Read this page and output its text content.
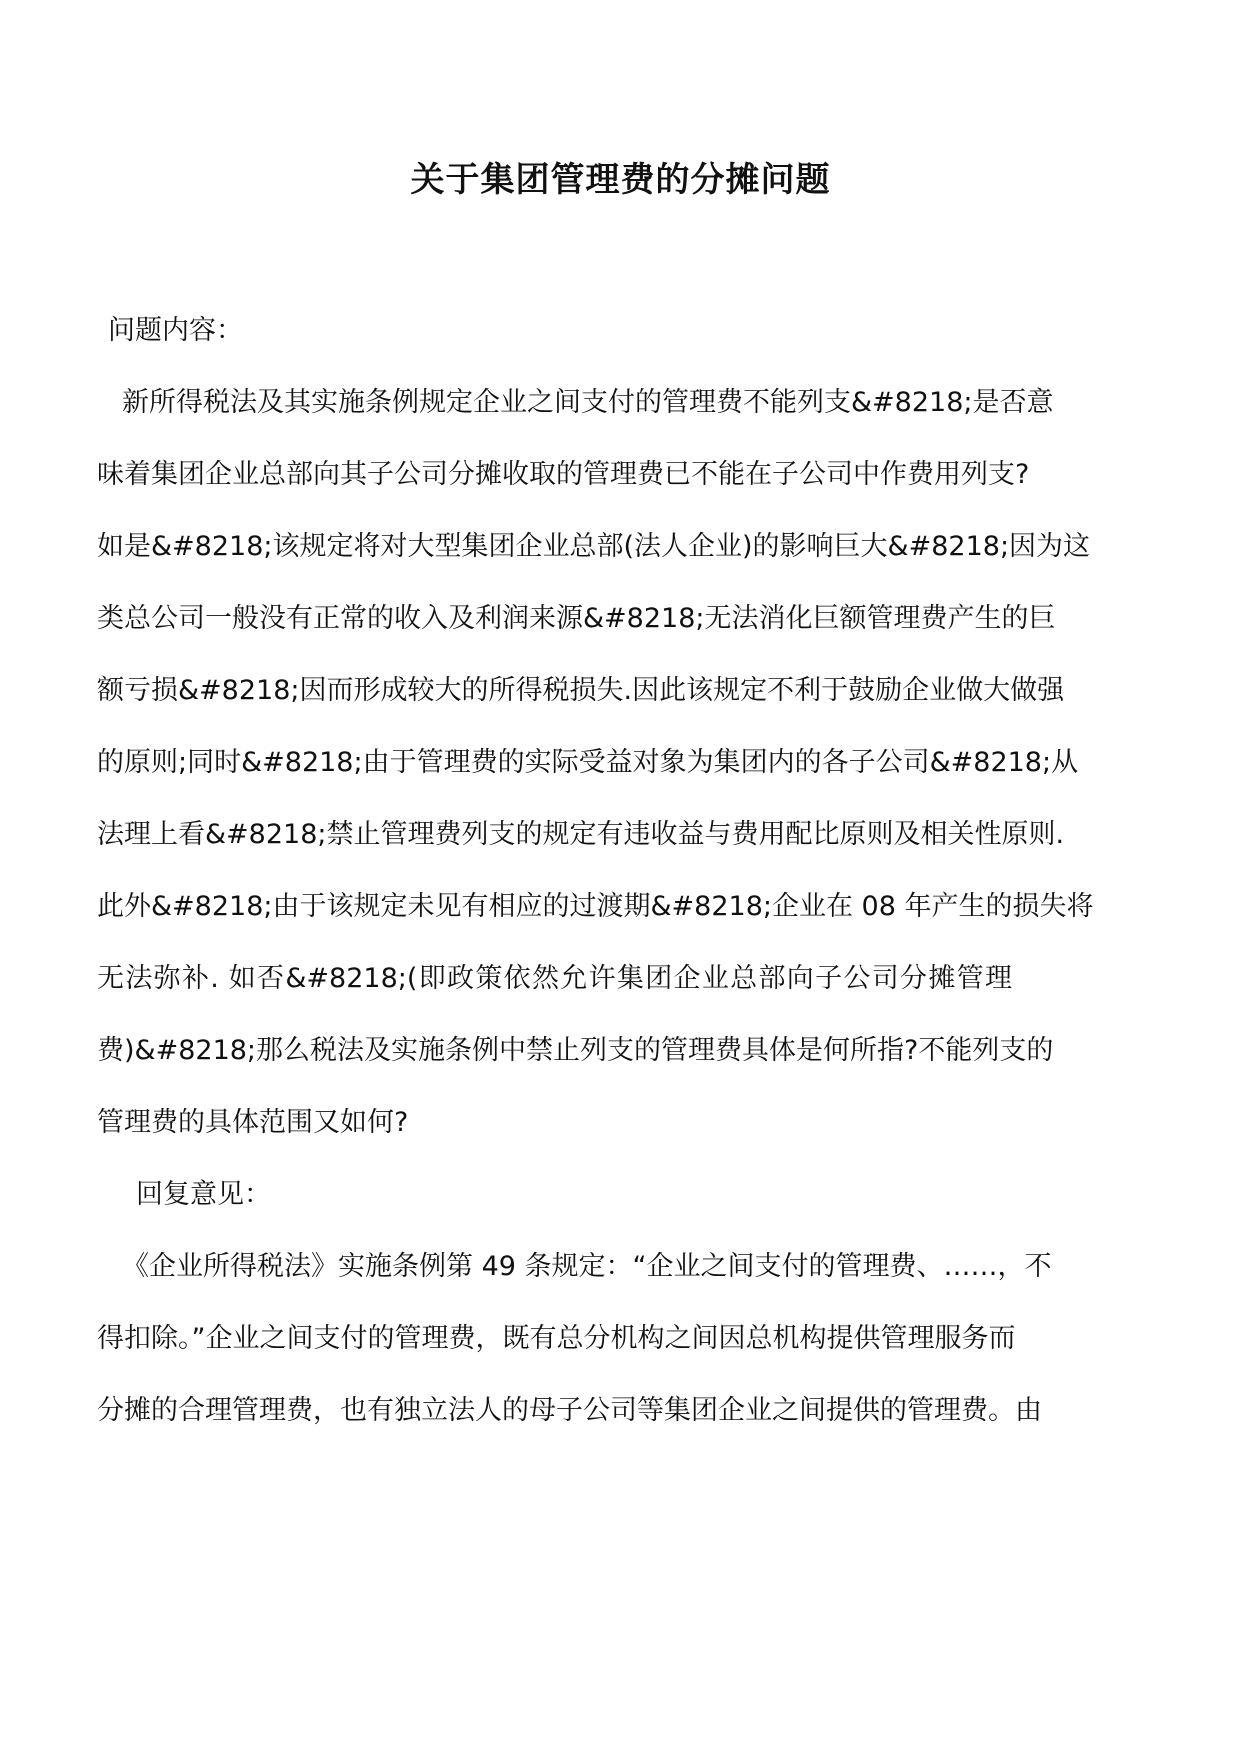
关于集团管理费的分摊问题

问题内容：

新所得税法及其实施条例规定企业之间支付的管理费不能列支&#8218;是否意

味着集团企业总部向其子公司分摊收取的管理费已不能在子公司中作费用列支?

如是&#8218;该规定将对大型集团企业总部(法人企业)的影响巨大&#8218;因为这

类总公司一般没有正常的收入及利润来源&#8218;无法消化巨额管理费产生的巨

额亏损&#8218;因而形成较大的所得税损失.因此该规定不利于鼓励企业做大做强

的原则;同时&#8218;由于管理费的实际受益对象为集团内的各子公司&#8218;从

法理上看&#8218;禁止管理费列支的规定有违收益与费用配比原则及相关性原则.

此外&#8218;由于该规定未见有相应的过渡期&#8218;企业在 08 年产生的损失将

无法弥补. 如否&#8218;(即政策依然允许集团企业总部向子公司分摊管理

费)&#8218;那么税法及实施条例中禁止列支的管理费具体是何所指?不能列支的

管理费的具体范围又如何?

回复意见：

《企业所得税法》实施条例第 49 条规定：“企业之间支付的管理费、……，不

得扣除。”企业之间支付的管理费，既有总分机构之间因总机构提供管理服务而

分摊的合理管理费，也有独立法人的母子公司等集团企业之间提供的管理费。由
